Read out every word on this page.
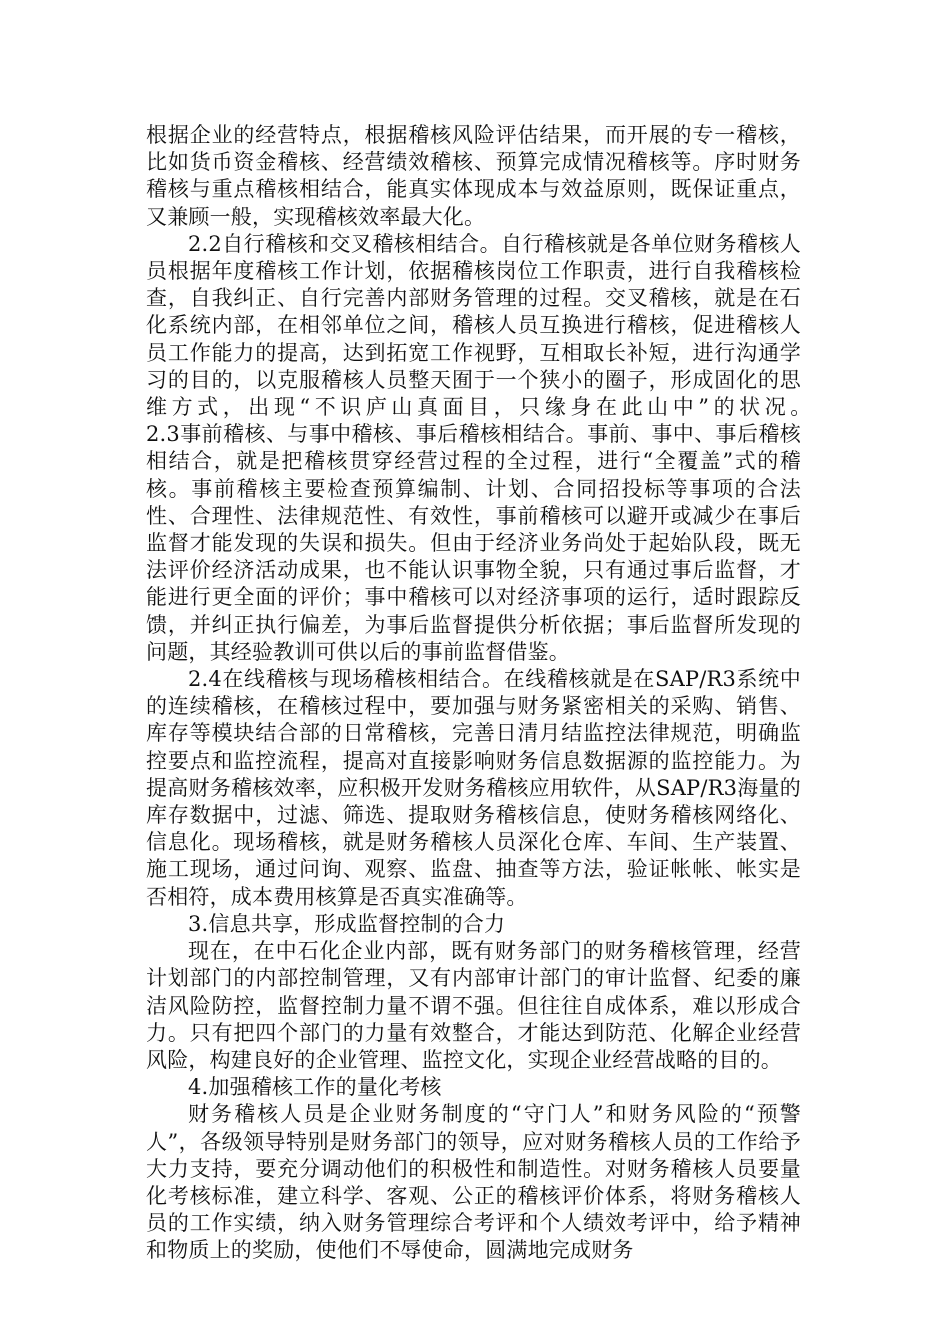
根据企业的经营特点，根据稽核风险评估结果，而开展的专一稽核，比如货币资金稽核、经营绩效稽核、预算完成情况稽核等。序时财务稽核与重点稽核相结合，能真实体现成本与效益原则，既保证重点，又兼顾一般，实现稽核效率最大化。

2.2自行稽核和交叉稽核相结合。自行稽核就是各单位财务稽核人员根据年度稽核工作计划，依据稽核岗位工作职责，进行自我稽核检查，自我纠正、自行完善内部财务管理的过程。交叉稽核，就是在石化系统内部，在相邻单位之间，稽核人员互换进行稽核，促进稽核人员工作能力的提高，达到拓宽工作视野，互相取长补短，进行沟通学习的目的，以克服稽核人员整天囿于一个狭小的圈子，形成固化的思维方式，出现“不识庐山真面目，只缘身在此山中”的状况。　　　　2.3事前稽核、与事中稽核、事后稽核相结合。事前、事中、事后稽核相结合，就是把稽核贯穿经营过程的全过程，进行“全覆盖”式的稽核。事前稽核主要检查预算编制、计划、合同招投标等事项的合法性、合理性、法律规范性、有效性，事前稽核可以避开或减少在事后监督才能发现的失误和损失。但由于经济业务尚处于起始队段，既无法评价经济活动成果，也不能认识事物全貌，只有通过事后监督，才能进行更全面的评价；事中稽核可以对经济事项的运行，适时跟踪反馈，并纠正执行偏差，为事后监督提供分析依据；事后监督所发现的问题，其经验教训可供以后的事前监督借鉴。

2.4在线稽核与现场稽核相结合。在线稽核就是在SAP/R3系统中的连续稽核，在稽核过程中，要加强与财务紧密相关的采购、销售、库存等模块结合部的日常稽核，完善日清月结监控法律规范，明确监控要点和监控流程，提高对直接影响财务信息数据源的监控能力。为提高财务稽核效率，应积极开发财务稽核应用软件，从SAP/R3海量的库存数据中，过滤、筛选、提取财务稽核信息，使财务稽核网络化、信息化。现场稽核，就是财务稽核人员深化仓库、车间、生产装置、施工现场，通过问询、观察、监盘、抽查等方法，验证帐帐、帐实是否相符，成本费用核算是否真实准确等。

3.信息共享，形成监督控制的合力

现在，在中石化企业内部，既有财务部门的财务稽核管理，经营计划部门的内部控制管理，又有内部审计部门的审计监督、纪委的廉洁风险防控，监督控制力量不谓不强。但往往自成体系，难以形成合力。只有把四个部门的力量有效整合，才能达到防范、化解企业经营风险，构建良好的企业管理、监控文化，实现企业经营战略的目的。

4.加强稽核工作的量化考核

财务稽核人员是企业财务制度的“守门人”和财务风险的“预警人”，各级领导特别是财务部门的领导，应对财务稽核人员的工作给予大力支持，要充分调动他们的积极性和制造性。对财务稽核人员要量化考核标准，建立科学、客观、公正的稽核评价体系，将财务稽核人员的工作实绩，纳入财务管理综合考评和个人绩效考评中，给予精神和物质上的奖励，使他们不辱使命，圆满地完成财务
